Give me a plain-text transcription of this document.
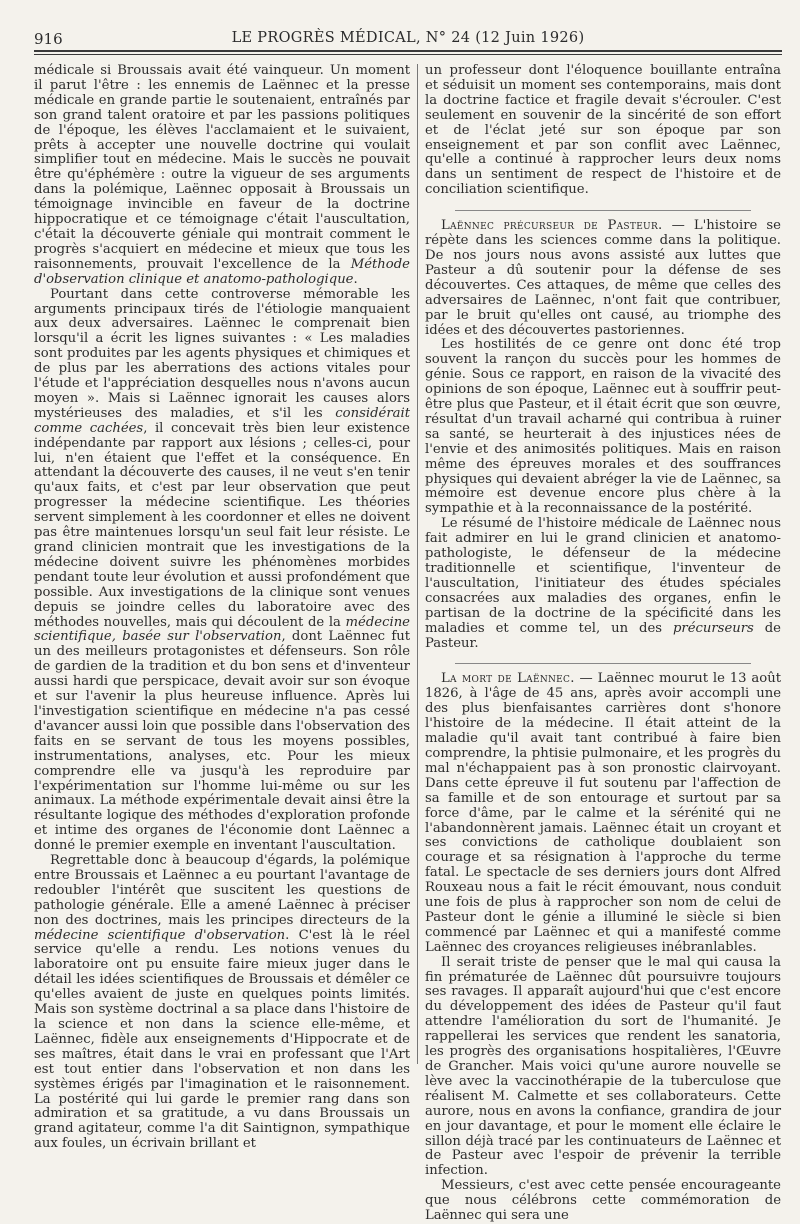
916	LE PROGRÈS MÉDICAL, N° 24 (12 Juin 1926)

médicale si Broussais avait été vainqueur. Un moment il parut l'être : les ennemis de Laënnec et la presse médicale en grande partie le soutenaient, entraînés par son grand talent oratoire et par les passions politiques de l'époque, les élèves l'acclamaient et le suivaient, prêts à accepter une nouvelle doctrine qui voulait simplifier tout en médecine. Mais le succès ne pouvait être qu'éphémère : outre la vigueur de ses arguments dans la polémique, Laënnec opposait à Broussais un témoignage invincible en faveur de la doctrine hippocratique et ce témoignage c'était l'auscultation, c'était la découverte géniale qui montrait comment le progrès s'acquiert en médecine et mieux que tous les raisonnements, prouvait l'excellence de la Méthode d'observation clinique et anatomo-pathologique.

Pourtant dans cette controverse mémorable les arguments principaux tirés de l'étiologie manquaient aux deux adversaires. Laënnec le comprenait bien lorsqu'il a écrit les lignes suivantes : « Les maladies sont produites par les agents physiques et chimiques et de plus par les aberrations des actions vitales pour l'étude et l'appréciation desquelles nous n'avons aucun moyen ». Mais si Laënnec ignorait les causes alors mystérieuses des maladies, et s'il les considérait comme cachées, il concevait très bien leur existence indépendante par rapport aux lésions ; celles-ci, pour lui, n'en étaient que l'effet et la conséquence. En attendant la découverte des causes, il ne veut s'en tenir qu'aux faits, et c'est par leur observation que peut progresser la médecine scientifique. Les théories servent simplement à les coordonner et elles ne doivent pas être maintenues lorsqu'un seul fait leur résiste. Le grand clinicien montrait que les investigations de la médecine doivent suivre les phénomènes morbides pendant toute leur évolution et aussi profondément que possible. Aux investigations de la clinique sont venues depuis se joindre celles du laboratoire avec des méthodes nouvelles, mais qui découlent de la médecine scientifique, basée sur l'observation, dont Laënnec fut un des meilleurs protagonistes et défenseurs. Son rôle de gardien de la tradition et du bon sens et d'inventeur aussi hardi que perspicace, devait avoir sur son évoque et sur l'avenir la plus heureuse influence. Après lui l'investigation scientifique en médecine n'a pas cessé d'avancer aussi loin que possible dans l'observation des faits en se servant de tous les moyens possibles, instrumentations, analyses, etc. Pour les mieux comprendre elle va jusqu'à les reproduire par l'expérimentation sur l'homme lui-même ou sur les animaux. La méthode expérimentale devait ainsi être la résultante logique des méthodes d'exploration profonde et intime des organes de l'économie dont Laënnec a donné le premier exemple en inventant l'auscultation.

Regrettable donc à beaucoup d'égards, la polémique entre Broussais et Laënnec a eu pourtant l'avantage de redoubler l'intérêt que suscitent les questions de pathologie générale. Elle a amené Laënnec à préciser non des doctrines, mais les principes directeurs de la médecine scientifique d'observation. C'est là le réel service qu'elle a rendu. Les notions venues du laboratoire ont pu ensuite faire mieux juger dans le détail les idées scientifiques de Broussais et démêler ce qu'elles avaient de juste en quelques points limités. Mais son système doctrinal a sa place dans l'histoire de la science et non dans la science elle-même, et Laënnec, fidèle aux enseignements d'Hippocrate et de ses maîtres, était dans le vrai en professant que l'Art est tout entier dans l'observation et non dans les systèmes érigés par l'imagination et le raisonnement. La postérité qui lui garde le premier rang dans son admiration et sa gratitude, a vu dans Broussais un grand agitateur, comme l'a dit Saintignon, sympathique aux foules, un écrivain brillant et

un professeur dont l'éloquence bouillante entraîna et séduisit un moment ses contemporains, mais dont la doctrine factice et fragile devait s'écrouler. C'est seulement en souvenir de la sincérité de son effort et de l'éclat jeté sur son époque par son enseignement et par son conflit avec Laënnec, qu'elle a continué à rapprocher leurs deux noms dans un sentiment de respect de l'histoire et de conciliation scientifique.

Laënnec précurseur de Pasteur. — L'histoire se répète dans les sciences comme dans la politique. De nos jours nous avons assisté aux luttes que Pasteur a dû soutenir pour la défense de ses découvertes. Ces attaques, de même que celles des adversaires de Laënnec, n'ont fait que contribuer, par le bruit qu'elles ont causé, au triomphe des idées et des découvertes pastoriennes.

Les hostilités de ce genre ont donc été trop souvent la rançon du succès pour les hommes de génie. Sous ce rapport, en raison de la vivacité des opinions de son époque, Laënnec eut à souffrir peut-être plus que Pasteur, et il était écrit que son œuvre, résultat d'un travail acharné qui contribua à ruiner sa santé, se heurterait à des injustices nées de l'envie et des animosités politiques. Mais en raison même des épreuves morales et des souffrances physiques qui devaient abréger la vie de Laënnec, sa mémoire est devenue encore plus chère à la sympathie et à la reconnaissance de la postérité.

Le résumé de l'histoire médicale de Laënnec nous fait admirer en lui le grand clinicien et anatomo-pathologiste, le défenseur de la médecine traditionnelle et scientifique, l'inventeur de l'auscultation, l'initiateur des études spéciales consacrées aux maladies des organes, enfin le partisan de la doctrine de la spécificité dans les maladies et comme tel, un des précurseurs de Pasteur.

La mort de Laënnec. — Laënnec mourut le 13 août 1826, à l'âge de 45 ans, après avoir accompli une des plus bienfaisantes carrières dont s'honore l'histoire de la médecine. Il était atteint de la maladie qu'il avait tant contribué à faire bien comprendre, la phtisie pulmonaire, et les progrès du mal n'échappaient pas à son pronostic clairvoyant. Dans cette épreuve il fut soutenu par l'affection de sa famille et de son entourage et surtout par sa force d'âme, par le calme et la sérénité qui ne l'abandonnèrent jamais. Laënnec était un croyant et ses convictions de catholique doublaient son courage et sa résignation à l'approche du terme fatal. Le spectacle de ses derniers jours dont Alfred Rouxeau nous a fait le récit émouvant, nous conduit une fois de plus à rapprocher son nom de celui de Pasteur dont le génie a illuminé le siècle si bien commencé par Laënnec et qui a manifesté comme Laënnec des croyances religieuses inébranlables.

Il serait triste de penser que le mal qui causa la fin prématurée de Laënnec dût poursuivre toujours ses ravages. Il apparaît aujourd'hui que c'est encore du développement des idées de Pasteur qu'il faut attendre l'amélioration du sort de l'humanité. Je rappellerai les services que rendent les sanatoria, les progrès des organisations hospitalières, l'Œuvre de Grancher. Mais voici qu'une aurore nouvelle se lève avec la vaccinothérapie de la tuberculose que réalisent M. Calmette et ses collaborateurs. Cette aurore, nous en avons la confiance, grandira de jour en jour davantage, et pour le moment elle éclaire le sillon déjà tracé par les continuateurs de Laënnec et de Pasteur avec l'espoir de prévenir la terrible infection.

Messieurs, c'est avec cette pensée encourageante que nous célébrons cette commémoration de Laënnec qui sera une
